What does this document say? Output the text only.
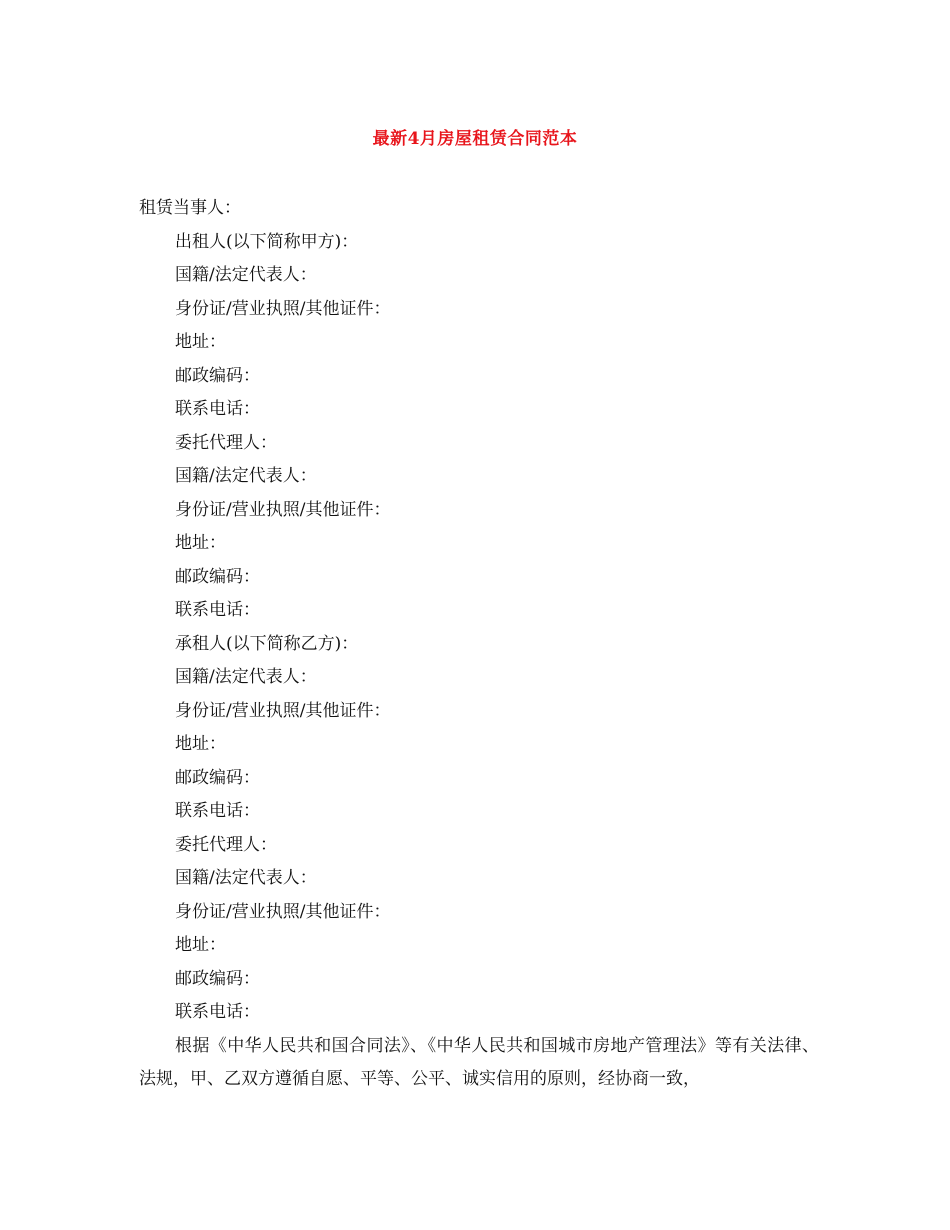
最新4月房屋租赁合同范本
租赁当事人：
出租人(以下简称甲方)：
国籍/法定代表人：
身份证/营业执照/其他证件：
地址：
邮政编码：
联系电话：
委托代理人：
国籍/法定代表人：
身份证/营业执照/其他证件：
地址：
邮政编码：
联系电话：
承租人(以下简称乙方)：
国籍/法定代表人：
身份证/营业执照/其他证件：
地址：
邮政编码：
联系电话：
委托代理人：
国籍/法定代表人：
身份证/营业执照/其他证件：
地址：
邮政编码：
联系电话：
根据《中华人民共和国合同法》、《中华人民共和国城市房地产管理法》等有关法律、法规，甲、乙双方遵循自愿、平等、公平、诚实信用的原则，经协商一致，
